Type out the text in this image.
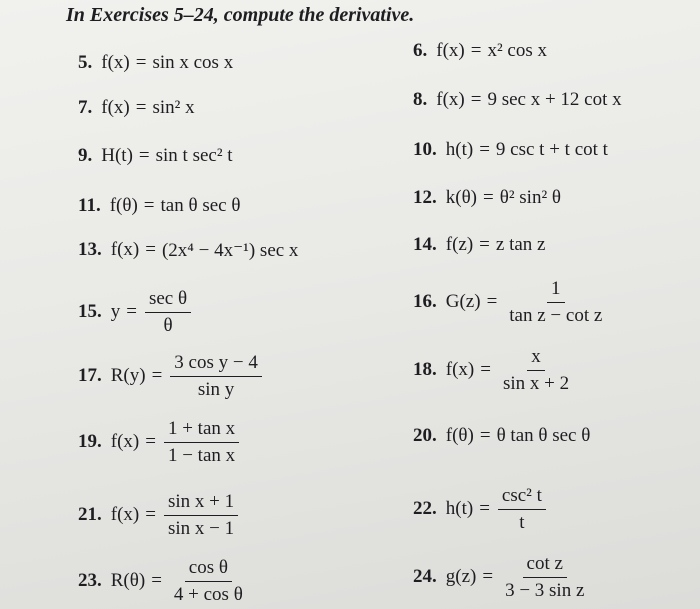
In Exercises 5–24, compute the derivative.
5. f(x) = sin x cos x
6. f(x) = x² cos x
7. f(x) = sin² x	8. f(x) = 9 sec x + 12 cot x
9. H(t) = sin t sec² t	10. h(t) = 9 csc t + t cot t
11. f(θ) = tan θ sec θ	12. k(θ) = θ² sin² θ
13. f(x) = (2x⁴ − 4x⁻¹) sec x	14. f(z) = z tan z
15. $y = \frac{\text{sec θ}}{\theta}$	16. $G(z) = \frac{1}{\text{tan z − cot z}}$
17. $R(y) = \frac{\text{3 cos y − 4}}{\text{sin y}}$	18. $f(x) = \frac{x}{\text{sin x + 2}}$
19. $f(x) = \frac{\text{1 + tan x}}{\text{1 − tan x}}$	20. f(θ) = θ tan θ sec θ
21. $f(x) = \frac{\text{sin x + 1}}{\text{sin x − 1}}$	22. $h(t) = \frac{\text{csc² t}}{t}$
23. $R(\theta) = \frac{\text{cos θ}}{\text{4 + cos θ}}$	24. $g(z) = \frac{\text{cot z}}{\text{3 − 3 sin z}}$
